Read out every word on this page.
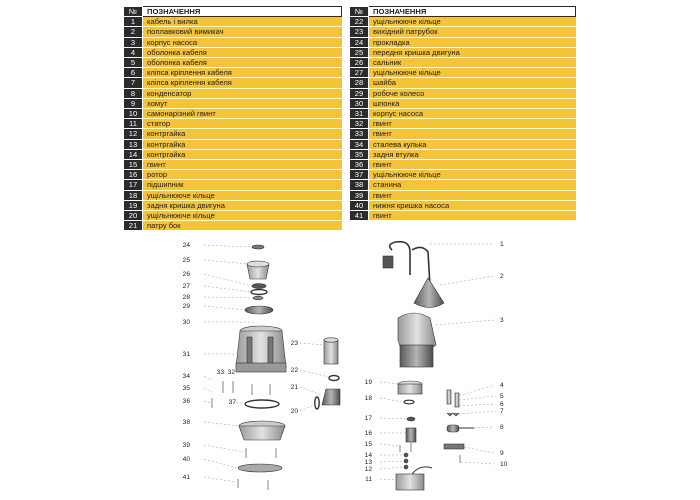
№	ПОЗНАЧЕННЯ
1	кабель і вилка
2	поплавковий вимикач
3	корпус насоса
4	оболонка кабеля
5	оболонка кабеля
6	кліпса кріплення кабеля
7	кліпса кріплення кабеля
8	конденсатор
9	хомут
10	самонарізний гвинт
11	статор
12	контргайка
13	контргайка
14	контргайка
15	гвинт
16	ротор
17	підшипник
18	ущільнююче кільце
19	задня кришка двигуна
20	ущільнююче кільце
21	патру бок
№	ПОЗНАЧЕННЯ
22	ущільнююче кільце
23	вихідний патрубок
24	прокладка
25	передня кришка двигуна
26	сальник
27	ущільнююче кільце
28	шайба
29	робоче колесо
30	шпонка
31	корпус насоса
32	гвинт
33	гвинт
34	сталева кулька
35	задня втулка
36	гвинт
37	ущільнююче кільце
38	станина
39	гвинт
40	нижня кришка насоса
41	гвинт
24
25
26
27
28
29
30
31
23
22
21
20
34
35
36
33 32
37
38
39
40
41
1
2
3
4
5
6
7
8
9
10
19
18
17
16
15
14
13
12
11
